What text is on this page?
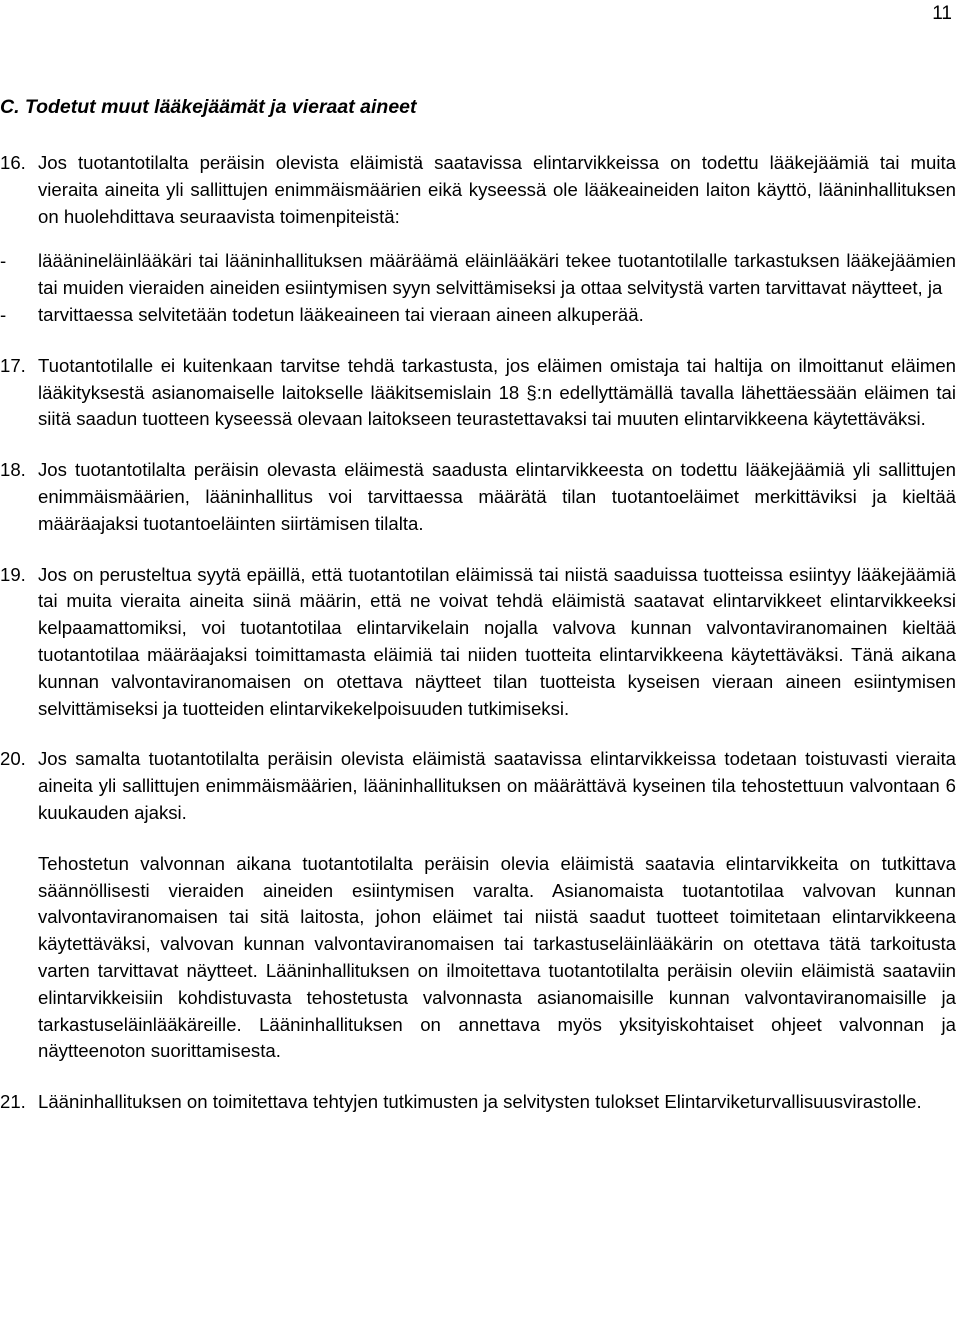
11
C. Todetut muut lääkejäämät ja vieraat aineet
16. Jos tuotantotilalta peräisin olevista eläimistä saatavissa elintarvikkeissa on todettu lääkejäämiä tai muita vieraita aineita yli sallittujen enimmäismäärien eikä kyseessä ole lääkeaineiden laiton käyttö, lääninhallituksen on huolehdittava seuraavista toimenpiteistä:
- lääänineläinlääkäri tai lääninhallituksen määräämä eläinlääkäri tekee tuotantotilalle tarkastuksen lääkejäämien tai muiden vieraiden aineiden esiintymisen syyn selvittämiseksi ja ottaa selvitystä varten tarvittavat näytteet, ja
- tarvittaessa selvitetään todetun lääkeaineen tai vieraan aineen alkuperää.
17. Tuotantotilalle ei kuitenkaan tarvitse tehdä tarkastusta, jos eläimen omistaja tai haltija on ilmoittanut eläimen lääkityksestä asianomaiselle laitokselle lääkitsemislain 18 §:n edellyttämällä tavalla lähettäessään eläimen tai siitä saadun tuotteen kyseessä olevaan laitokseen teurastettavaksi tai muuten elintarvikkeena käytettäväksi.
18. Jos tuotantotilalta peräisin olevasta eläimestä saadusta elintarvikkeesta on todettu lääkejäämiä yli sallittujen enimmäismäärien, lääninhallitus voi tarvittaessa määrätä tilan tuotantoeläimet merkittäviksi ja kieltää määräajaksi tuotantoeläinten siirtämisen tilalta.
19. Jos on perusteltua syytä epäillä, että tuotantotilan eläimissä tai niistä saaduissa tuotteissa esiintyy lääkejäämiä tai muita vieraita aineita siinä määrin, että ne voivat tehdä eläimistä saatavat elintarvikkeet elintarvikkeeksi kelpaamattomiksi, voi tuotantotilaa elintarvikelain nojalla valvova kunnan valvontaviranomainen kieltää tuotantotilaa määräajaksi toimittamasta eläimiä tai niiden tuotteita elintarvikkeena käytettäväksi. Tänä aikana kunnan valvontaviranomaisen on otettava näytteet tilan tuotteista kyseisen vieraan aineen esiintymisen selvittämiseksi ja tuotteiden elintarvikekelpoisuuden tutkimiseksi.
20. Jos samalta tuotantotilalta peräisin olevista eläimistä saatavissa elintarvikkeissa todetaan toistuvasti vieraita aineita yli sallittujen enimmäismäärien, lääninhallituksen on määrättävä kyseinen tila tehostettuun valvontaan 6 kuukauden ajaksi.
Tehostetun valvonnan aikana tuotantotilalta peräisin olevia eläimistä saatavia elintarvikkeita on tutkittava säännöllisesti vieraiden aineiden esiintymisen varalta. Asianomaista tuotantotilaa valvovan kunnan valvontaviranomaisen tai sitä laitosta, johon eläimet tai niistä saadut tuotteet toimitetaan elintarvikkeena käytettäväksi, valvovan kunnan valvontaviranomaisen tai tarkastuseläinlääkärin on otettava tätä tarkoitusta varten tarvittavat näytteet. Lääninhallituksen on ilmoitettava tuotantotilalta peräisin oleviin eläimistä saataviin elintarvikkeisiin kohdistuvasta tehostetusta valvonnasta asianomaisille kunnan valvontaviranomaisille ja tarkastuseläinlääkäreille. Lääninhallituksen on annettava myös yksityiskohtaiset ohjeet valvonnan ja näytteenoton suorittamisesta.
21. Lääninhallituksen on toimitettava tehtyjen tutkimusten ja selvitysten tulokset Elintarviketurvallisuusvirastolle.
